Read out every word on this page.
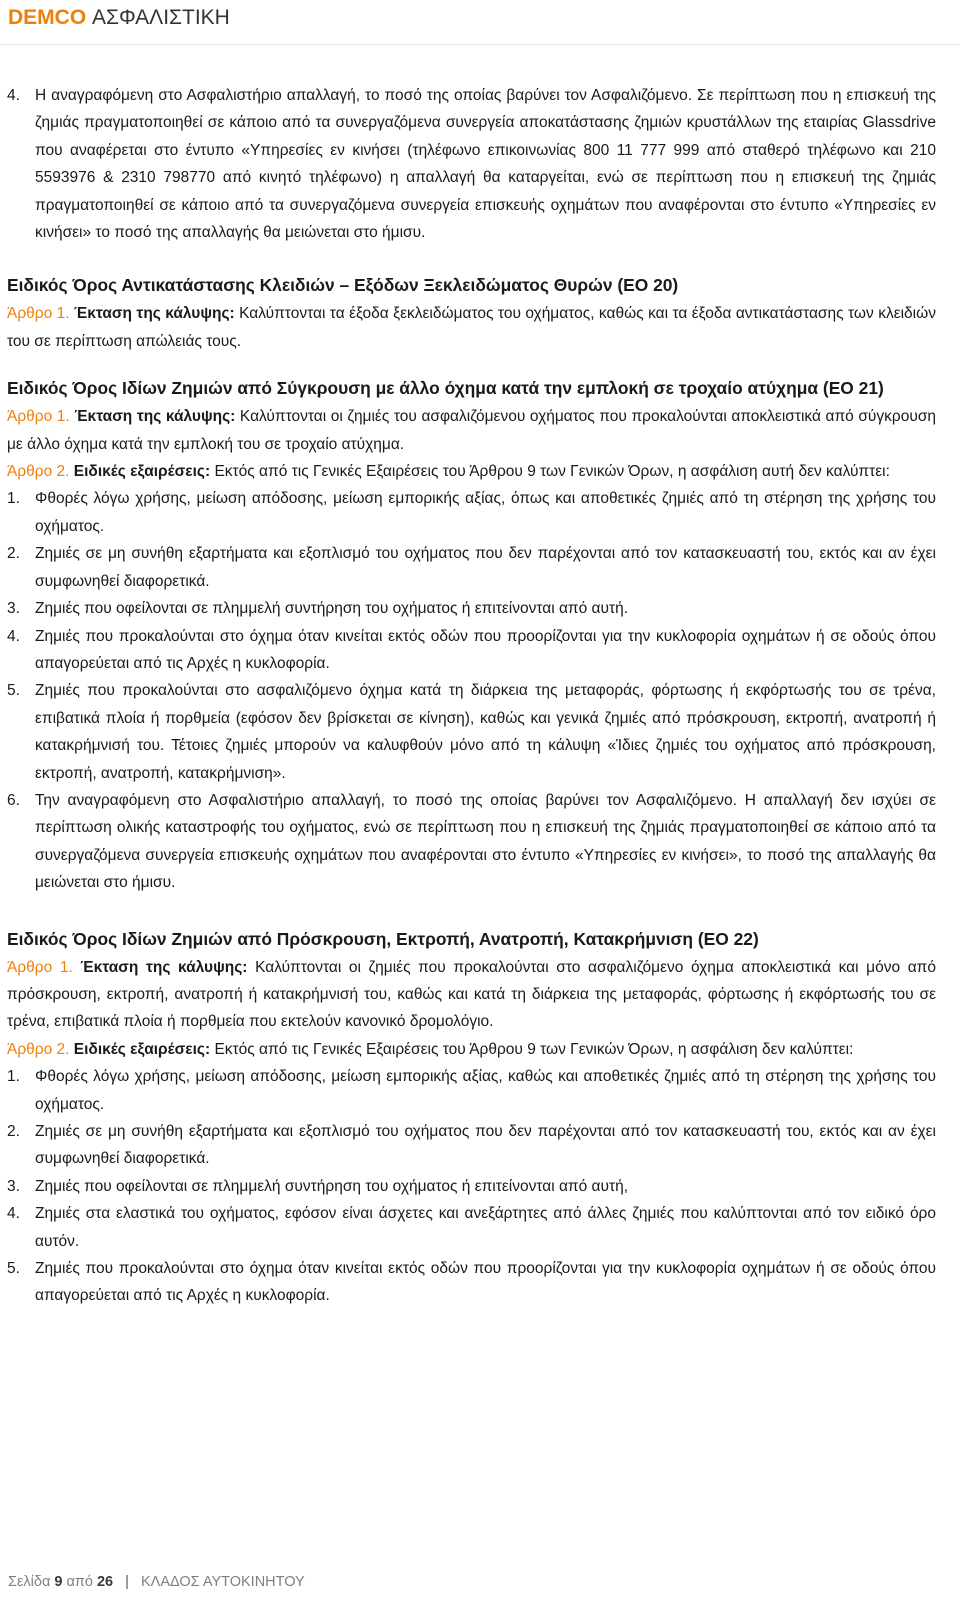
DEMCO ΑΣΦΑΛΙΣΤΙΚΗ
4. Η αναγραφόμενη στο Ασφαλιστήριο απαλλαγή, το ποσό της οποίας βαρύνει τον Ασφαλιζόμενο. Σε περίπτωση που η επισκευή της ζημιάς πραγματοποιηθεί σε κάποιο από τα συνεργαζόμενα συνεργεία αποκατάστασης ζημιών κρυστάλλων της εταιρίας Glassdrive που αναφέρεται στο έντυπο «Υπηρεσίες εν κινήσει (τηλέφωνο επικοινωνίας 800 11 777 999 από σταθερό τηλέφωνο και 210 5593976 & 2310 798770 από κινητό τηλέφωνο) η απαλλαγή θα καταργείται, ενώ σε περίπτωση που η επισκευή της ζημιάς πραγματοποιηθεί σε κάποιο από τα συνεργαζόμενα συνεργεία επισκευής οχημάτων που αναφέρονται στο έντυπο «Υπηρεσίες εν κινήσει» το ποσό της απαλλαγής θα μειώνεται στο ήμισυ.

Ειδικός Όρος Αντικατάστασης Κλειδιών – Εξόδων Ξεκλειδώματος Θυρών (ΕΟ 20)

Άρθρο 1. Έκταση της κάλυψης: Καλύπτονται τα έξοδα ξεκλειδώματος του οχήματος, καθώς και τα έξοδα αντικατάστασης των κλειδιών του σε περίπτωση απώλειάς τους.

Ειδικός Όρος Ιδίων Ζημιών από Σύγκρουση με άλλο όχημα κατά την εμπλοκή σε τροχαίο ατύχημα (ΕΟ 21)

Άρθρο 1. Έκταση της κάλυψης: Καλύπτονται οι ζημιές του ασφαλιζόμενου οχήματος που προκαλούνται αποκλειστικά από σύγκρουση με άλλο όχημα κατά την εμπλοκή του σε τροχαίο ατύχημα.

Άρθρο 2. Ειδικές εξαιρέσεις: Εκτός από τις Γενικές Εξαιρέσεις του Άρθρου 9 των Γενικών Όρων, η ασφάλιση αυτή δεν καλύπτει:

1. Φθορές λόγω χρήσης, μείωση απόδοσης, μείωση εμπορικής αξίας, όπως και αποθετικές ζημιές από τη στέρηση της χρήσης του οχήματος.
2. Ζημιές σε μη συνήθη εξαρτήματα και εξοπλισμό του οχήματος που δεν παρέχονται από τον κατασκευαστή του, εκτός και αν έχει συμφωνηθεί διαφορετικά.
3. Ζημιές που οφείλονται σε πλημμελή συντήρηση του οχήματος ή επιτείνονται από αυτή.
4. Ζημιές που προκαλούνται στο όχημα όταν κινείται εκτός οδών που προορίζονται για την κυκλοφορία οχημάτων ή σε οδούς όπου απαγορεύεται από τις Αρχές η κυκλοφορία.
5. Ζημιές που προκαλούνται στο ασφαλιζόμενο όχημα κατά τη διάρκεια της μεταφοράς, φόρτωσης ή εκφόρτωσής του σε τρένα, επιβατικά πλοία ή πορθμεία (εφόσον δεν βρίσκεται σε κίνηση), καθώς και γενικά ζημιές από πρόσκρουση, εκτροπή, ανατροπή ή κατακρήμνισή του. Τέτοιες ζημιές μπορούν να καλυφθούν μόνο από τη κάλυψη «Ίδιες ζημιές του οχήματος από πρόσκρουση, εκτροπή, ανατροπή, κατακρήμνιση».
6. Την αναγραφόμενη στο Ασφαλιστήριο απαλλαγή, το ποσό της οποίας βαρύνει τον Ασφαλιζόμενο. Η απαλλαγή δεν ισχύει σε περίπτωση ολικής καταστροφής του οχήματος, ενώ σε περίπτωση που η επισκευή της ζημιάς πραγματοποιηθεί σε κάποιο από τα συνεργαζόμενα συνεργεία επισκευής οχημάτων που αναφέρονται στο έντυπο «Υπηρεσίες εν κινήσει», το ποσό της απαλλαγής θα μειώνεται στο ήμισυ.

Ειδικός Όρος Ιδίων Ζημιών από Πρόσκρουση, Εκτροπή, Ανατροπή, Κατακρήμνιση (ΕΟ 22)

Άρθρο 1. Έκταση της κάλυψης: Καλύπτονται οι ζημιές που προκαλούνται στο ασφαλιζόμενο όχημα αποκλειστικά και μόνο από πρόσκρουση, εκτροπή, ανατροπή ή κατακρήμνισή του, καθώς και κατά τη διάρκεια της μεταφοράς, φόρτωσης ή εκφόρτωσής του σε τρένα, επιβατικά πλοία ή πορθμεία που εκτελούν κανονικό δρομολόγιο.

Άρθρο 2. Ειδικές εξαιρέσεις: Εκτός από τις Γενικές Εξαιρέσεις του Άρθρου 9 των Γενικών Όρων, η ασφάλιση δεν καλύπτει:

1. Φθορές λόγω χρήσης, μείωση απόδοσης, μείωση εμπορικής αξίας, καθώς και αποθετικές ζημιές από τη στέρηση της χρήσης του οχήματος.
2. Ζημιές σε μη συνήθη εξαρτήματα και εξοπλισμό του οχήματος που δεν παρέχονται από τον κατασκευαστή του, εκτός και αν έχει συμφωνηθεί διαφορετικά.
3. Ζημιές που οφείλονται σε πλημμελή συντήρηση του οχήματος ή επιτείνονται από αυτή,
4. Ζημιές στα ελαστικά του οχήματος, εφόσον είναι άσχετες και ανεξάρτητες από άλλες ζημιές που καλύπτονται από τον ειδικό όρο αυτόν.
5. Ζημιές που προκαλούνται στο όχημα όταν κινείται εκτός οδών που προορίζονται για την κυκλοφορία οχημάτων ή σε οδούς όπου απαγορεύεται από τις Αρχές η κυκλοφορία.
Σελίδα 9 από 26 | ΚΛΑΔΟΣ ΑΥΤΟΚΙΝΗΤΟΥ
